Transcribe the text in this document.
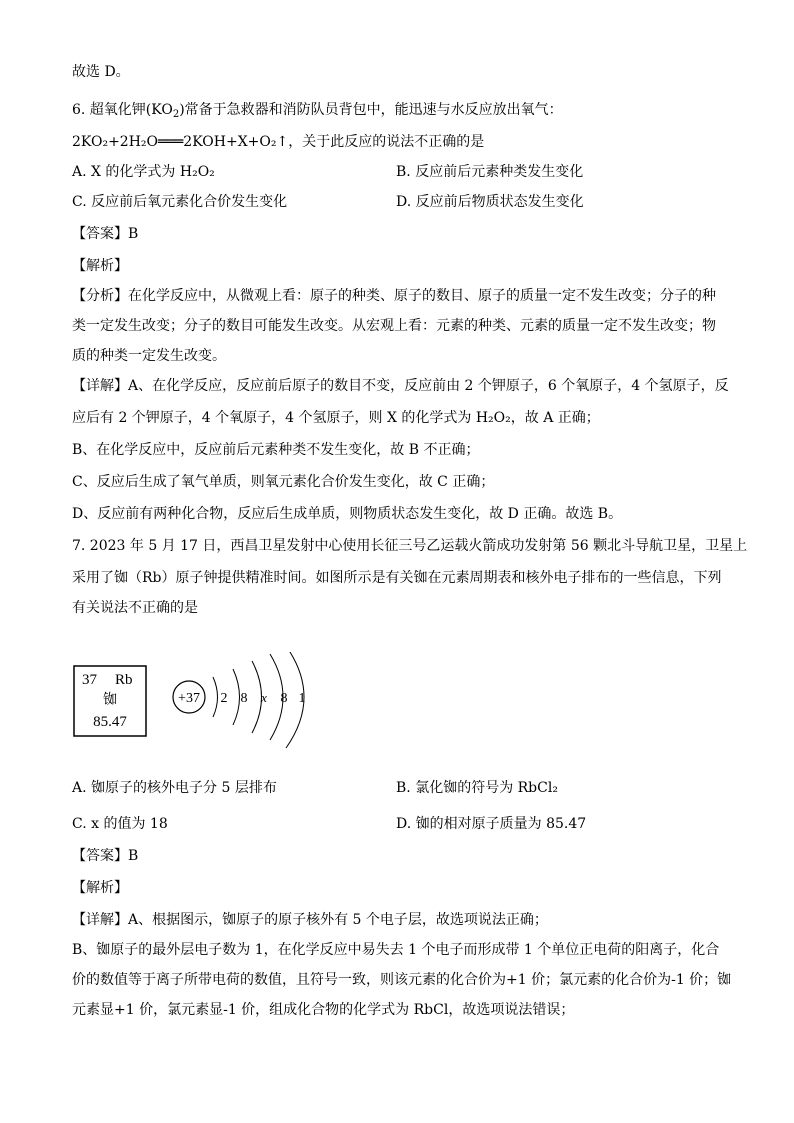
故选 D。
6. 超氧化钾$(KO_2)$常备于急救器和消防队员背包中，能迅速与水反应放出氧气：
2KO₂+2H₂O═══2KOH+X+O₂↑，关于此反应的说法不正确的是
A. X 的化学式为 H₂O₂	B. 反应前后元素种类发生变化
C. 反应前后氧元素化合价发生变化	D. 反应前后物质状态发生变化
【答案】B
【解析】
【分析】在化学反应中，从微观上看：原子的种类、原子的数目、原子的质量一定不发生改变；分子的种
类一定发生改变；分子的数目可能发生改变。从宏观上看：元素的种类、元素的质量一定不发生改变；物
质的种类一定发生改变。
【详解】A、在化学反应，反应前后原子的数目不变，反应前由 2 个钾原子，6 个氧原子，4 个氢原子，反
应后有 2 个钾原子，4 个氧原子，4 个氢原子，则 X 的化学式为 H₂O₂，故 A 正确；
B、在化学反应中，反应前后元素种类不发生变化，故 B 不正确；
C、反应后生成了氧气单质，则氧元素化合价发生变化，故 C 正确；
D、反应前有两种化合物，反应后生成单质，则物质状态发生变化，故 D 正确。故选 B。
7. 2023 年 5 月 17 日，西昌卫星发射中心使用长征三号乙运载火箭成功发射第 56 颗北斗导航卫星，卫星上
采用了铷（Rb）原子钟提供精准时间。如图所示是有关铷在元素周期表和核外电子排布的一些信息，下列
有关说法不正确的是
37 Rb
铷
85.47
+37 2 8 x 8 1
A. 铷原子的核外电子分 5 层排布	B. 氯化铷的符号为 RbCl₂
C. x 的值为 18	D. 铷的相对原子质量为 85.47
【答案】B
【解析】
【详解】A、根据图示，铷原子的原子核外有 5 个电子层，故选项说法正确；
B、铷原子的最外层电子数为 1，在化学反应中易失去 1 个电子而形成带 1 个单位正电荷的阳离子，化合
价的数值等于离子所带电荷的数值，且符号一致，则该元素的化合价为+1 价；氯元素的化合价为-1 价；铷
元素显+1 价，氯元素显-1 价，组成化合物的化学式为 RbCl，故选项说法错误；
